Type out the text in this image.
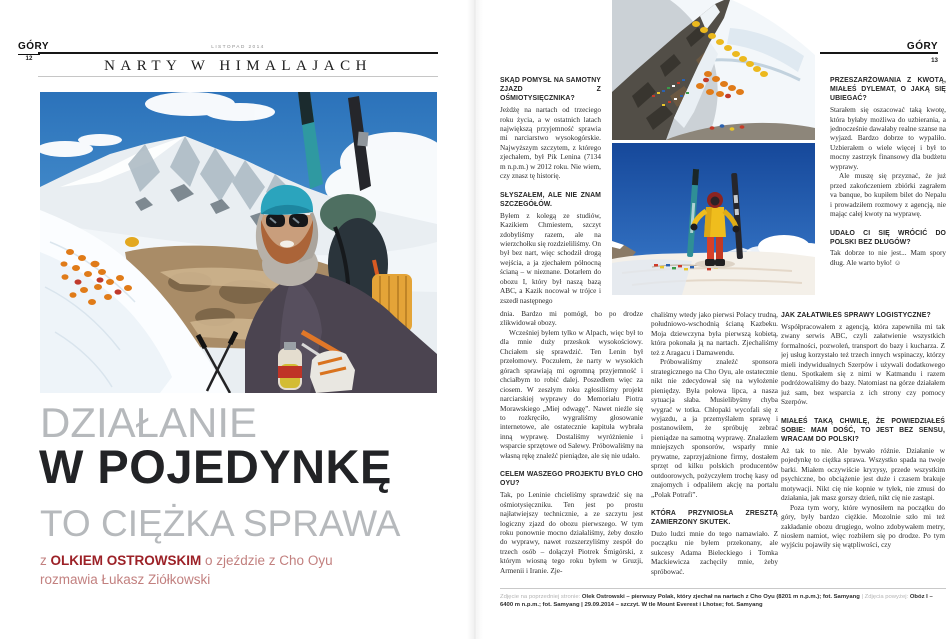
GÓRY
12
LISTOPAD 2014
NARTY W HIMALAJACH
DZIAŁANIE
W POJEDYNKĘ
TO CIĘŻKA SPRAWA
z OLKIEM OSTROWSKIM o zjeździe z Cho Oyu
rozmawia Łukasz Ziółkowski
GÓRY
13
SKĄD POMYSŁ NA SAMOTNY ZJAZD Z OŚMIOTYSIĘCZNIKA?
Jeżdżę na nartach od trzeciego roku życia, a w ostatnich latach największą przyjemność sprawia mi narciarstwo wysokogórskie. Najwyższym szczytem, z którego zjechałem, był Pik Lenina (7134 m n.p.m.) w 2012 roku. Nie wiem, czy znasz tę historię.
SŁYSZAŁEM, ALE NIE ZNAM SZCZEGÓŁÓW.
Byłem z kolegą ze studiów, Kazikiem Chmiestem, szczyt zdobyliśmy razem, ale na wierzchołku się rozdzieliliśmy. On był bez nart, więc schodził drogą wejścia, a ja zjechałem północną ścianą – w nieznane. Dotarłem do obozu I, który był naszą bazą ABC, a Kazik nocował w trójce i zszedł następnego
PRZESZARŻOWANIA Z KWOTĄ, MIAŁEŚ DYLEMAT, O JAKĄ SIĘ UBIEGAĆ?
Starałem się oszacować taką kwotę, która byłaby możliwa do uzbierania, a jednocześnie dawałaby realne szanse na wyjazd. Bardzo dobrze to wypaliło. Uzbierałem o wiele więcej i był to mocny zastrzyk finansowy dla budżetu wyprawy.
Ale muszę się przyznać, że już przed zakończeniem zbiórki zagrałem va banque, bo kupiłem bilet do Nepalu i prowadziłem rozmowy z agencją, nie mając całej kwoty na wyprawę.
UDAŁO CI SIĘ WRÓCIĆ DO POLSKI BEZ DŁUGÓW?
Tak dobrze to nie jest... Mam spory dług. Ale warto było! ☺
dnia. Bardzo mi pomógł, bo po drodze zlikwidował obozy.
Wcześniej byłem tylko w Alpach, więc był to dla mnie duży przeskok wysokościowy. Chciałem się sprawdzić. Ten Lenin był przełomowy. Poczułem, że narty w wysokich górach sprawiają mi ogromną przyjemność i chciałbym to robić dalej. Poszedłem więc za ciosem. W zeszłym roku zgłosiliśmy projekt narciarskiej wyprawy do Memoriału Piotra Morawskiego „Miej odwagę”. Nawet nieźle się to rozkręciło, wygraliśmy głosowanie internetowe, ale ostatecznie kapituła wybrała inną wyprawę. Dostaliśmy wyróżnienie i wsparcie sprzętowe od Salewy. Próbowaliśmy na własną rękę znaleźć pieniądze, ale się nie udało.
CELEM WASZEGO PROJEKTU BYŁO CHO OYU?
Tak, po Leninie chcieliśmy sprawdzić się na ośmiotysięczniku. Ten jest po prostu najłatwiejszy technicznie, a ze szczytu jest logiczny zjazd do obozu pierwszego. W tym roku ponownie mocno działaliśmy, żeby doszło do wyprawy, nawet rozszerzyliśmy zespół do trzech osób – dołączył Piotrek Śmigórski, z którym wiosną tego roku byłem w Gruzji, Armenii i Iranie. Zje-
chaliśmy wtedy jako pierwsi Polacy trudną, południowo-wschodnią ścianą Kazbeku. Moja dziewczyna była pierwszą kobietą, która pokonała ją na nartach. Zjechaliśmy też z Aragacu i Damawendu.
Próbowaliśmy znaleźć sponsora strategicznego na Cho Oyu, ale ostatecznie nikt nie zdecydował się na wyłożenie pieniędzy. Była połowa lipca, a nasza sytuacja słaba. Musielibyśmy chyba wygrać w totka. Chłopaki wycofali się z wyjazdu, a ja przemyślałem sprawę i postanowiłem, że spróbuję zebrać pieniądze na samotną wyprawę. Znalazłem mniejszych sponsorów, wsparły mnie prywatne, zaprzyjaźnione firmy, dostałem sprzęt od kilku polskich producentów outdoorowych, pożyczyłem trochę kasy od znajomych i odpaliłem akcję na portalu „Polak Potrafi”.
KTÓRA PRZYNIOSŁA ZRESZTĄ ZAMIERZONY SKUTEK.
Dużo ludzi mnie do tego namawiało. Z początku nie byłem przekonany, ale sukcesy Adama Bieleckiego i Tomka Mackiewicza zachęciły mnie, żeby spróbować.
JAK ZAŁATWIŁEŚ SPRAWY LOGISTYCZNE?
Współpracowałem z agencją, która zapewniła mi tak zwany serwis ABC, czyli załatwienie wszystkich formalności, pozwoleń, transport do bazy i kucharza. Z jej usług korzystało też trzech innych wspinaczy, którzy mieli indywidualnych Szerpów i używali dodatkowego tlenu. Spotkałem się z nimi w Katmandu i razem podróżowaliśmy do bazy. Natomiast na górze działałem już sam, bez wsparcia z ich strony czy pomocy Szerpów.
MIAŁEŚ TAKĄ CHWILĘ, ŻE POWIEDZIAŁEŚ SOBIE: MAM DOŚĆ, TO JEST BEZ SENSU, WRACAM DO POLSKI?
Aż tak to nie. Ale bywało różnie. Działanie w pojedynkę to ciężka sprawa. Wszystko spada na twoje barki. Miałem oczywiście kryzysy, przede wszystkim psychiczne, bo obciążenie jest duże i czasem brakuje motywacji. Nikt cię nie kopnie w tyłek, nie zmusi do działania, jak masz gorszy dzień, nikt cię nie zastąpi.
Poza tym wory, które wynosiłem na początku do góry, były bardzo ciężkie. Mozolnie szło mi też zakładanie obozu drugiego, wolno zdobywałem metry, niosłem namiot, więc rozbiłem się po drodze. Po tym wyjściu pojawiły się wątpliwości, czy
Zdjęcie na poprzedniej stronie: Olek Ostrowski – pierwszy Polak, który zjechał na nartach z Cho Oyu (8201 m n.p.m.); fot. Samyang | Zdjęcia powyżej: Obóz I – 6400 m n.p.m.; fot. Samyang | 29.09.2014 – szczyt. W tle Mount Everest i Lhotse; fot. Samyang
